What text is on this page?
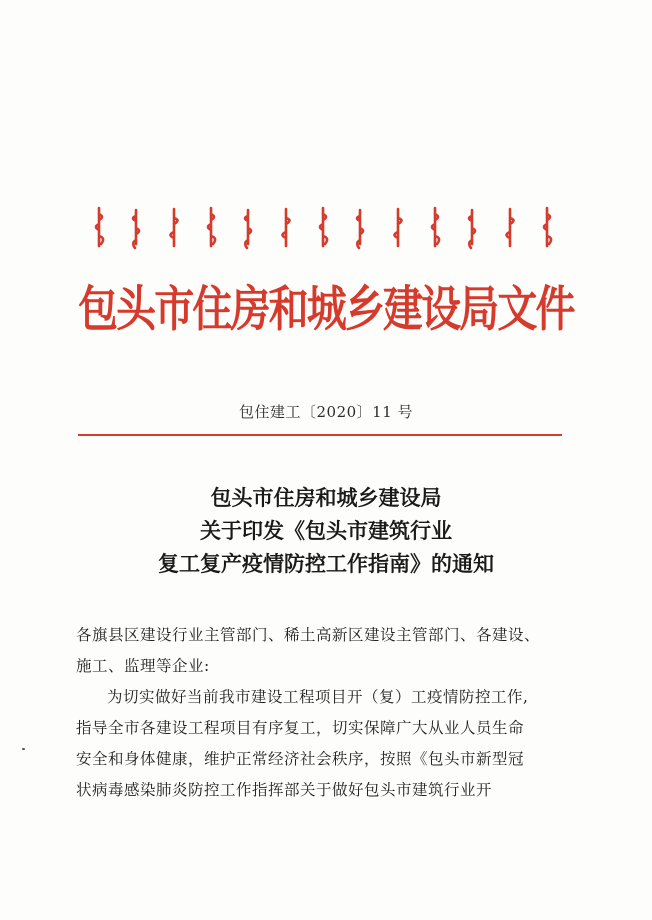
包头市住房和城乡建设局文件
包住建工〔2020〕11 号
包头市住房和城乡建设局
关于印发《包头市建筑行业
复工复产疫情防控工作指南》的通知

各旗县区建设行业主管部门、稀土高新区建设主管部门、各建设、

施工、监理等企业:

为切实做好当前我市建设工程项目开（复）工疫情防控工作,

指导全市各建设工程项目有序复工，切实保障广大从业人员生命

安全和身体健康，维护正常经济社会秩序，按照《包头市新型冠

状病毒感染肺炎防控工作指挥部关于做好包头市建筑行业开
